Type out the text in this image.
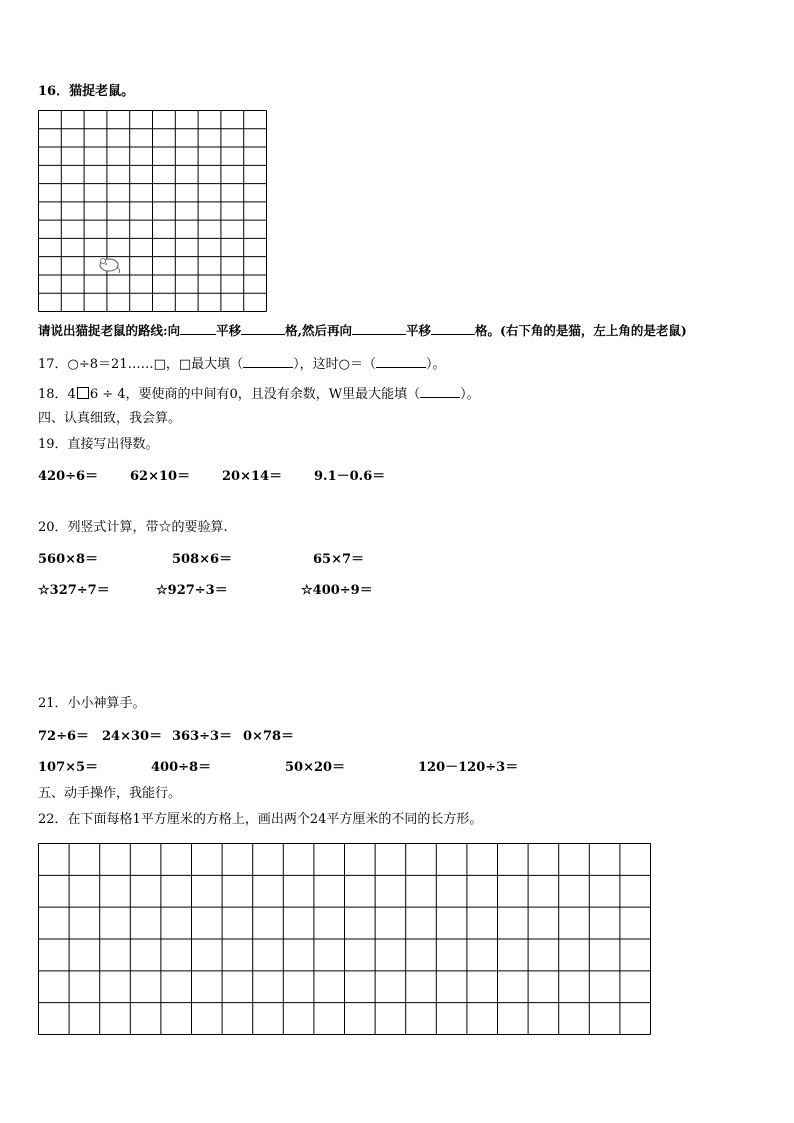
16．猫捉老鼠。
请说出猫捉老鼠的路线:向	平移	格,然后再向	平移	格。(右下角的是猫，左上角的是老鼠)
17．○÷8＝21……□，□最大填（	），这时○＝（	）。
18．4 6 ÷ 4，要使商的中间有0，且没有余数，W里最大能填（	）。
四、认真细致，我会算。
19．直接写出得数。
420÷6＝ 62×10＝ 20×14＝ 9.1－0.6＝
20．列竖式计算，带☆的要验算.
560×8＝	508×6＝	65×7＝
☆327÷7＝	☆927÷3＝	☆400÷9＝
21．小小神算手。
72÷6＝ 24×30＝ 363÷3＝ 0×78＝
107×5＝	400÷8＝	50×20＝	120－120÷3＝
五、动手操作，我能行。
22．在下面每格1平方厘米的方格上，画出两个24平方厘米的不同的长方形。
